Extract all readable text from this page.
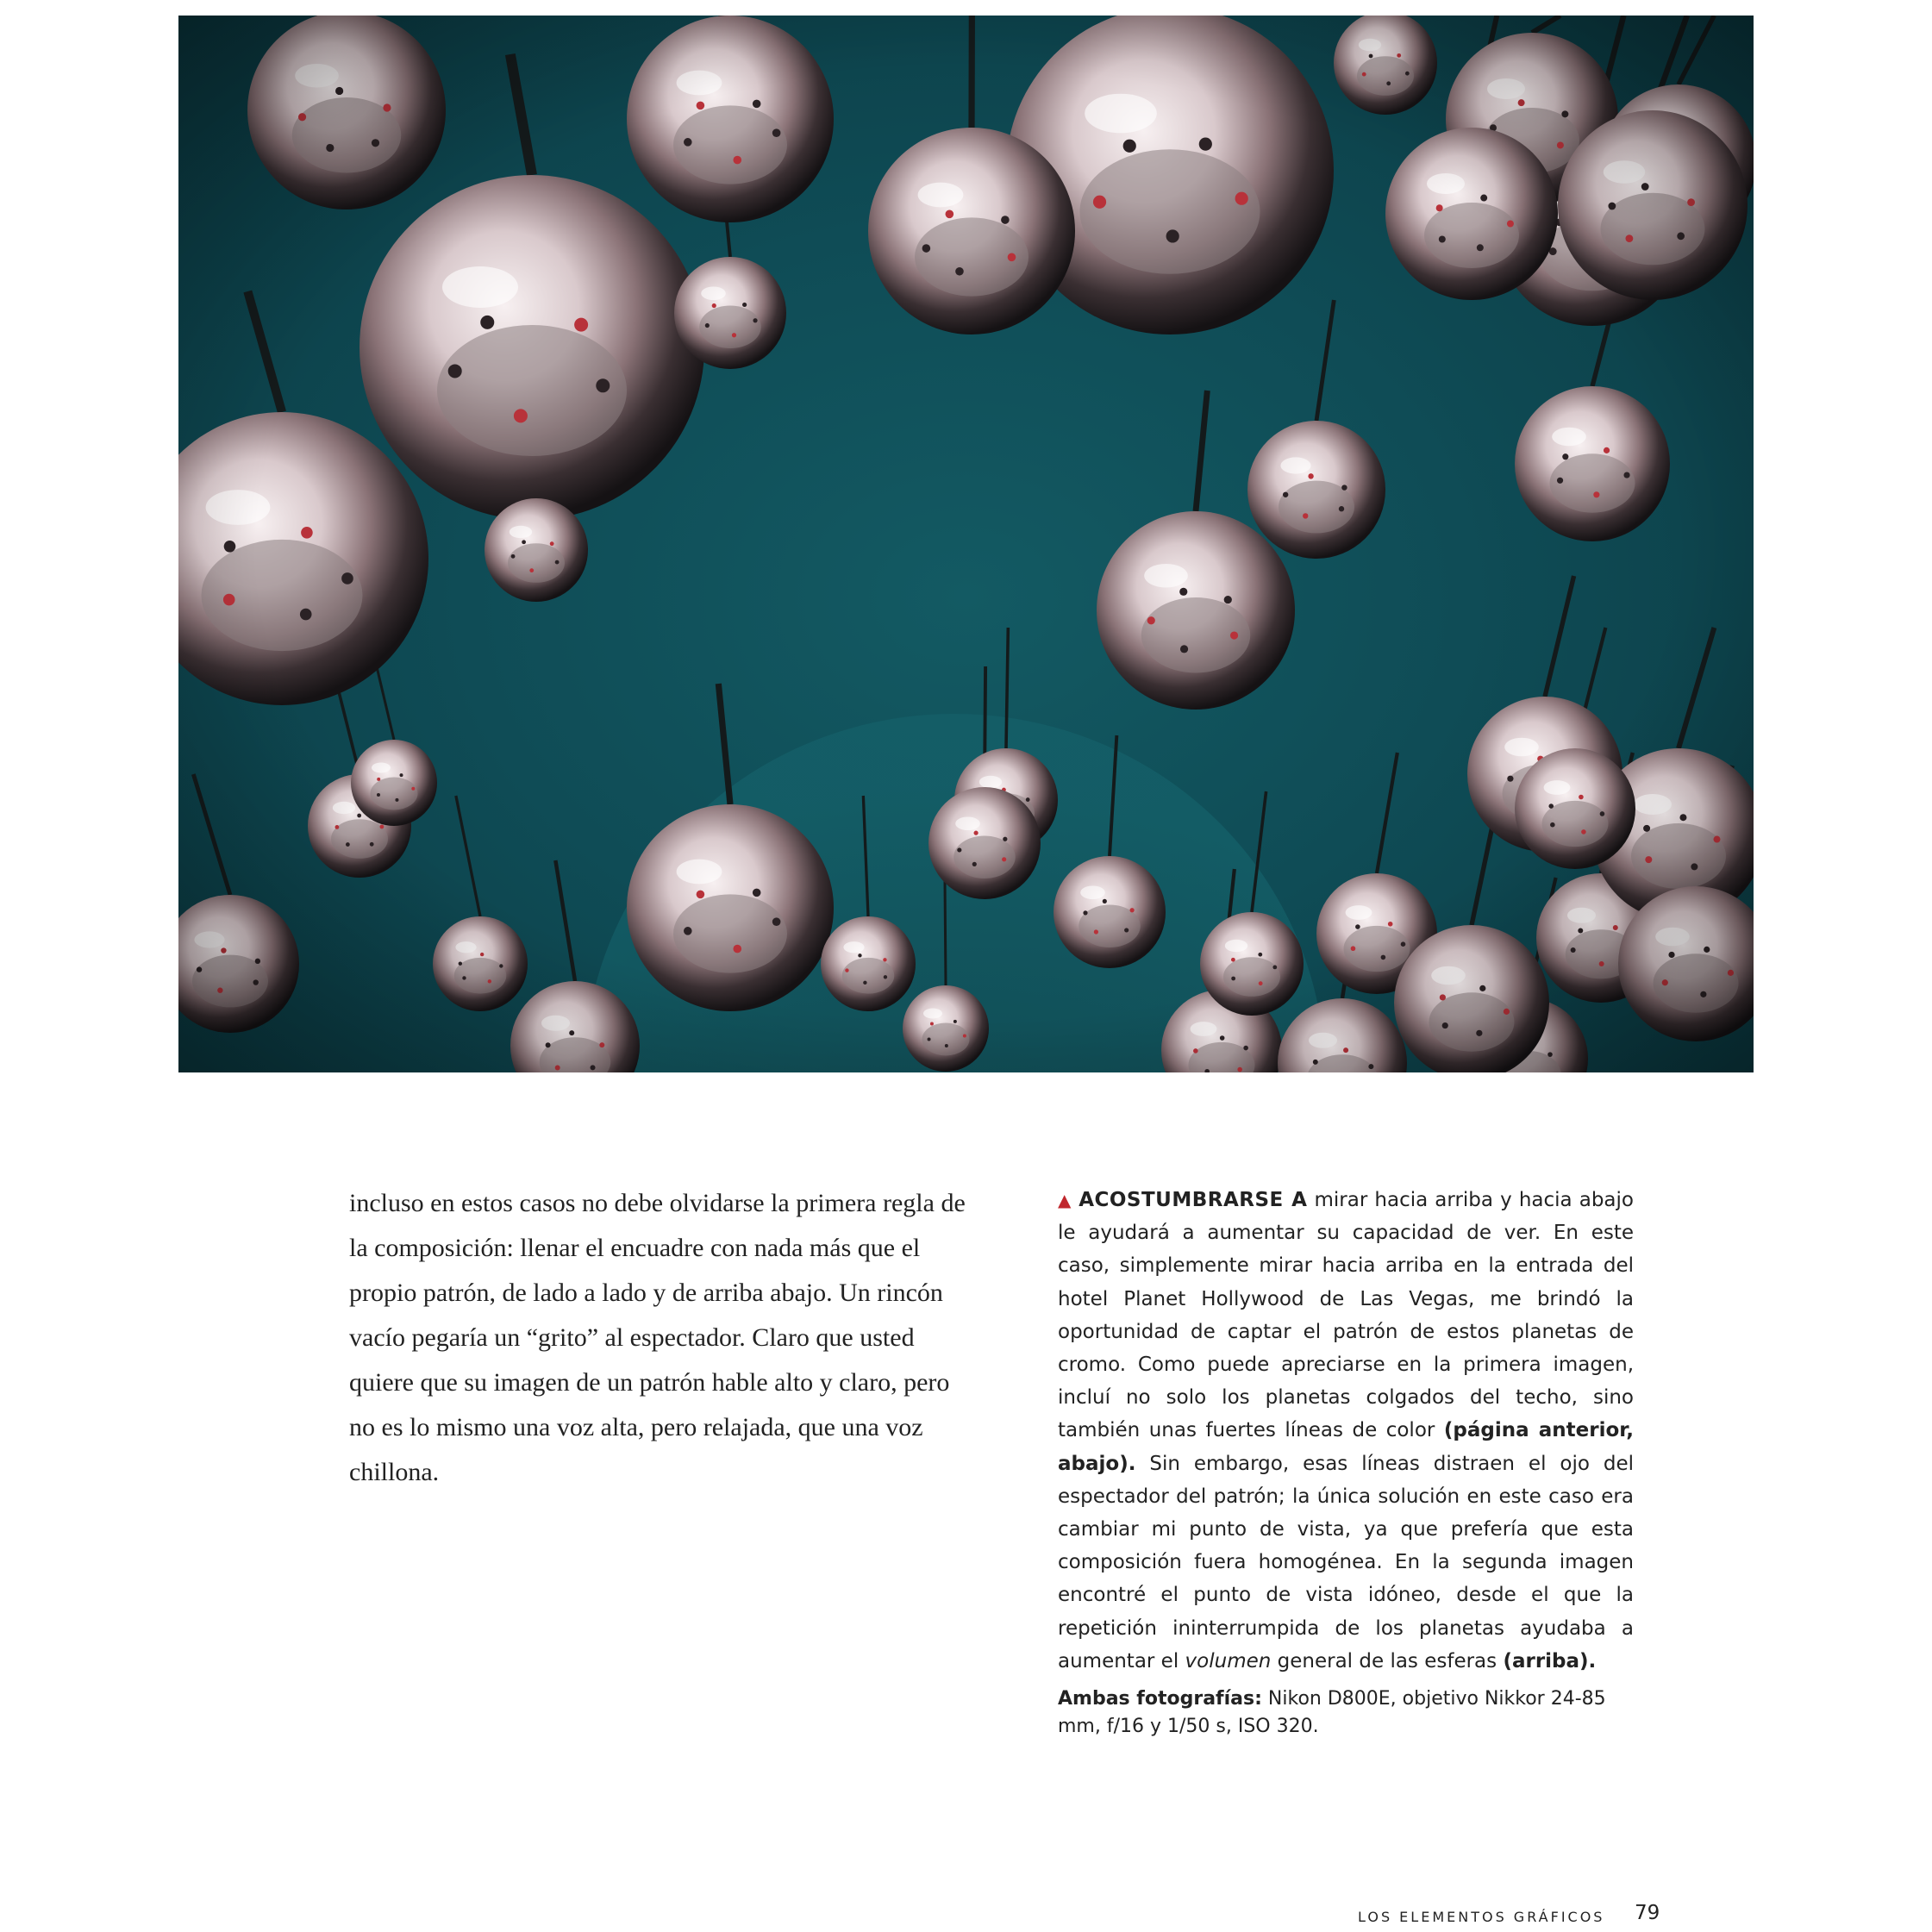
incluso en estos casos no debe olvidarse la primera regla de la composición: llenar el encuadre con nada más que el propio patrón, de lado a lado y de arriba abajo. Un rincón vacío pegaría un “grito” al espectador. Claro que usted quiere que su imagen de un patrón hable alto y claro, pero no es lo mismo una voz alta, pero relajada, que una voz chillona.

▲ ACOSTUMBRARSE A mirar hacia arriba y hacia abajo le ayudará a aumentar su capacidad de ver. En este caso, simplemente mirar hacia arriba en la entrada del hotel Planet Hollywood de Las Vegas, me brindó la oportunidad de captar el patrón de estos planetas de cromo. Como puede apreciarse en la primera imagen, incluí no solo los planetas colgados del techo, sino también unas fuertes líneas de color (página anterior, abajo). Sin embargo, esas líneas distraen el ojo del espectador del patrón; la única solución en este caso era cambiar mi punto de vista, ya que prefería que esta composición fuera homogénea. En la segunda imagen encontré el punto de vista idóneo, desde el que la repetición ininterrumpida de los planetas ayudaba a aumentar el volumen general de las esferas (arriba).

Ambas fotografías: Nikon D800E, objetivo Nikkor 24-85 mm, f/16 y 1/50 s, ISO 320.

LOS ELEMENTOS GRÁFICOS 79
